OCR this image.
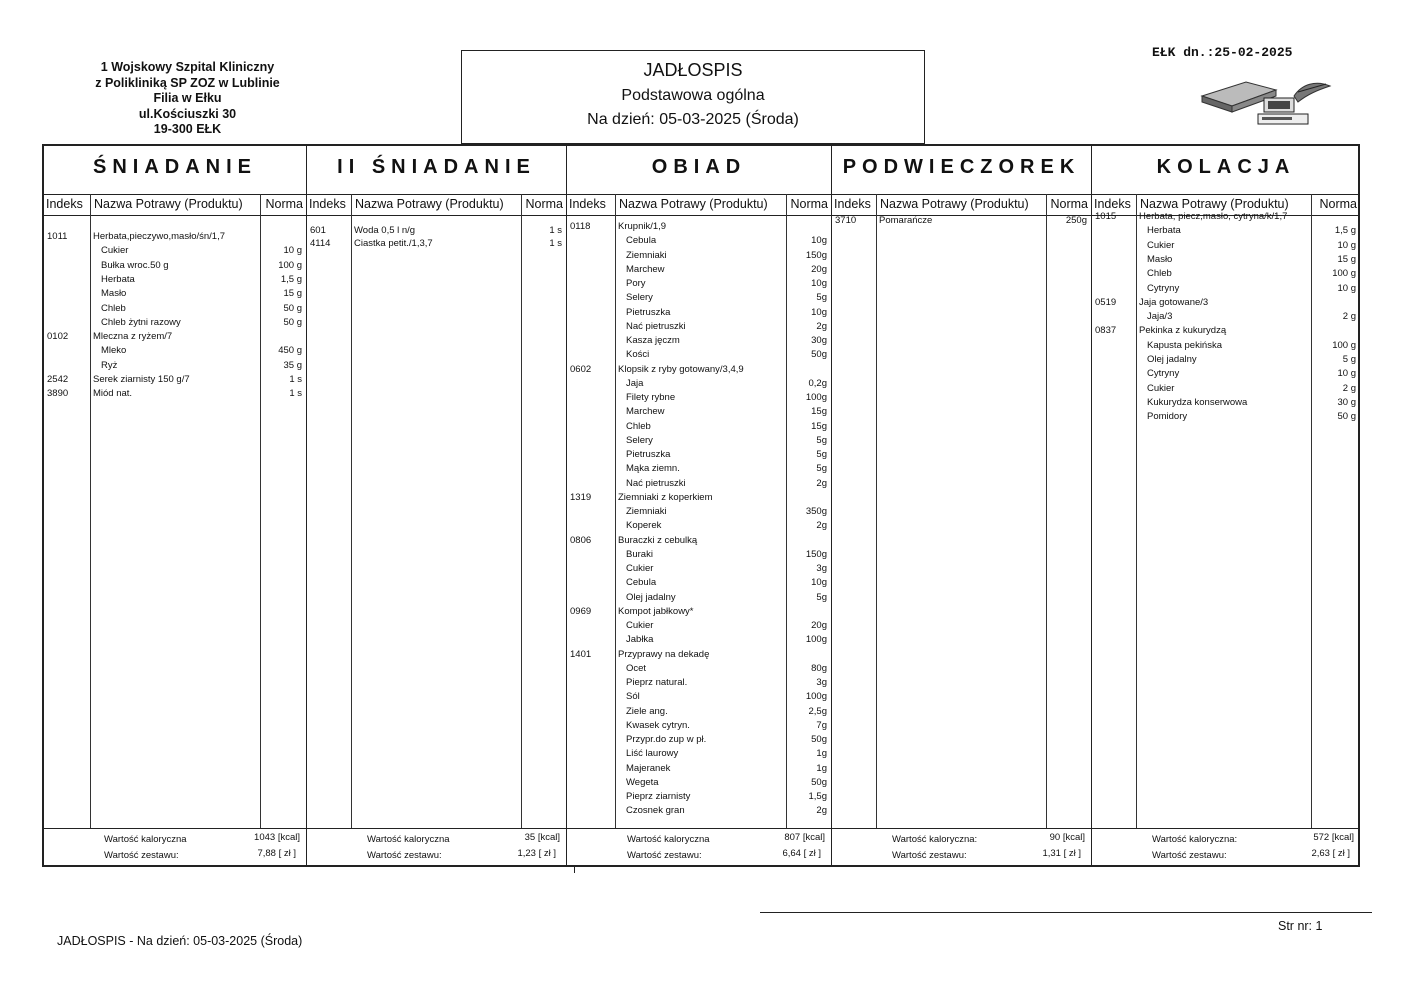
1 Wojskowy Szpital Kliniczny
z Polikliniką SP ZOZ w Lublinie
Filia w Ełku
ul.Kościuszki 30
19-300 EŁK
JADŁOSPIS
Podstawowa ogólna
Na dzień: 05-03-2025 (Środa)
EŁK dn.:25-02-2025
ŚNIADANIE
Indeks Nazwa Potrawy (Produktu) Norma
1011	Herbata,pieczywo,masło/śn/1,7
Cukier	10 g
Bułka wroc.50 g	100 g
Herbata	1,5 g
Masło	15 g
Chleb	50 g
Chleb żytni razowy	50 g
0102	Mleczna z ryżem/7
Mleko	450 g
Ryż	35 g
2542	Serek ziarnisty 150 g/7	1 s
3890	Miód nat.	1 s
Wartość kaloryczna	1043 [kcal]
Wartość zestawu:	7,88 [ zł ]
II ŚNIADANIE
Indeks Nazwa Potrawy (Produktu) Norma
601	Woda 0,5 l n/g	1 s
4114 Ciastka petit./1,3,7	1 s
Wartość kaloryczna	35 [kcal]
Wartość zestawu:	1,23 [ zł ]
OBIAD
Indeks Nazwa Potrawy (Produktu) Norma
0118	Krupnik/1,9
Cebula	10g
Ziemniaki	150g
Marchew	20g
Pory	10g
Selery	5g
Pietruszka	10g
Nać pietruszki	2g
Kasza jęczm	30g
Kości	50g
0602	Klopsik z ryby gotowany/3,4,9
Jaja	0,2g
Filety rybne	100g
Marchew	15g
Chleb	15g
Selery	5g
Pietruszka	5g
Mąka ziemn.	5g
Nać pietruszki	2g
1319	Ziemniaki z koperkiem
Ziemniaki	350g
Koperek	2g
0806	Buraczki z cebulką
Buraki	150g
Cukier	3g
Cebula	10g
Olej jadalny	5g
0969	Kompot jabłkowy*
Cukier	20g
Jabłka	100g
1401	Przyprawy na dekadę
Ocet	80g
Pieprz natural.	3g
Sól	100g
Ziele ang.	2,5g
Kwasek cytryn.	7g
Przypr.do zup w pł.	50g
Liść laurowy	1g
Majeranek	1g
Wegeta	50g
Pieprz ziarnisty	1,5g
Czosnek gran	2g
Wartość kaloryczna	807 [kcal]
Wartość zestawu:	6,64 [ zł ]
PODWIECZOREK
Indeks Nazwa Potrawy (Produktu) Norma
3710 Pomarańcze	250g
Wartość kaloryczna:	90 [kcal]
Wartość zestawu:	1,31 [ zł ]
KOLACJA
Indeks Nazwa Potrawy (Produktu) Norma
1015 Herbata, piecz,masło, cytryna/k/1,7
Herbata	1,5 g
Cukier	10 g
Masło	15 g
Chleb	100 g
Cytryny	10 g
0519 Jaja gotowane/3
Jaja/3	2 g
0837 Pekinka z kukurydzą
Kapusta pekińska	100 g
Olej jadalny	5 g
Cytryny	10 g
Cukier	2 g
Kukurydza konserwowa	30 g
Pomidory	50 g
Wartość kaloryczna:	572 [kcal]
Wartość zestawu:	2,63 [ zł ]
JADŁOSPIS - Na dzień: 05-03-2025 (Środa)
Str nr: 1
